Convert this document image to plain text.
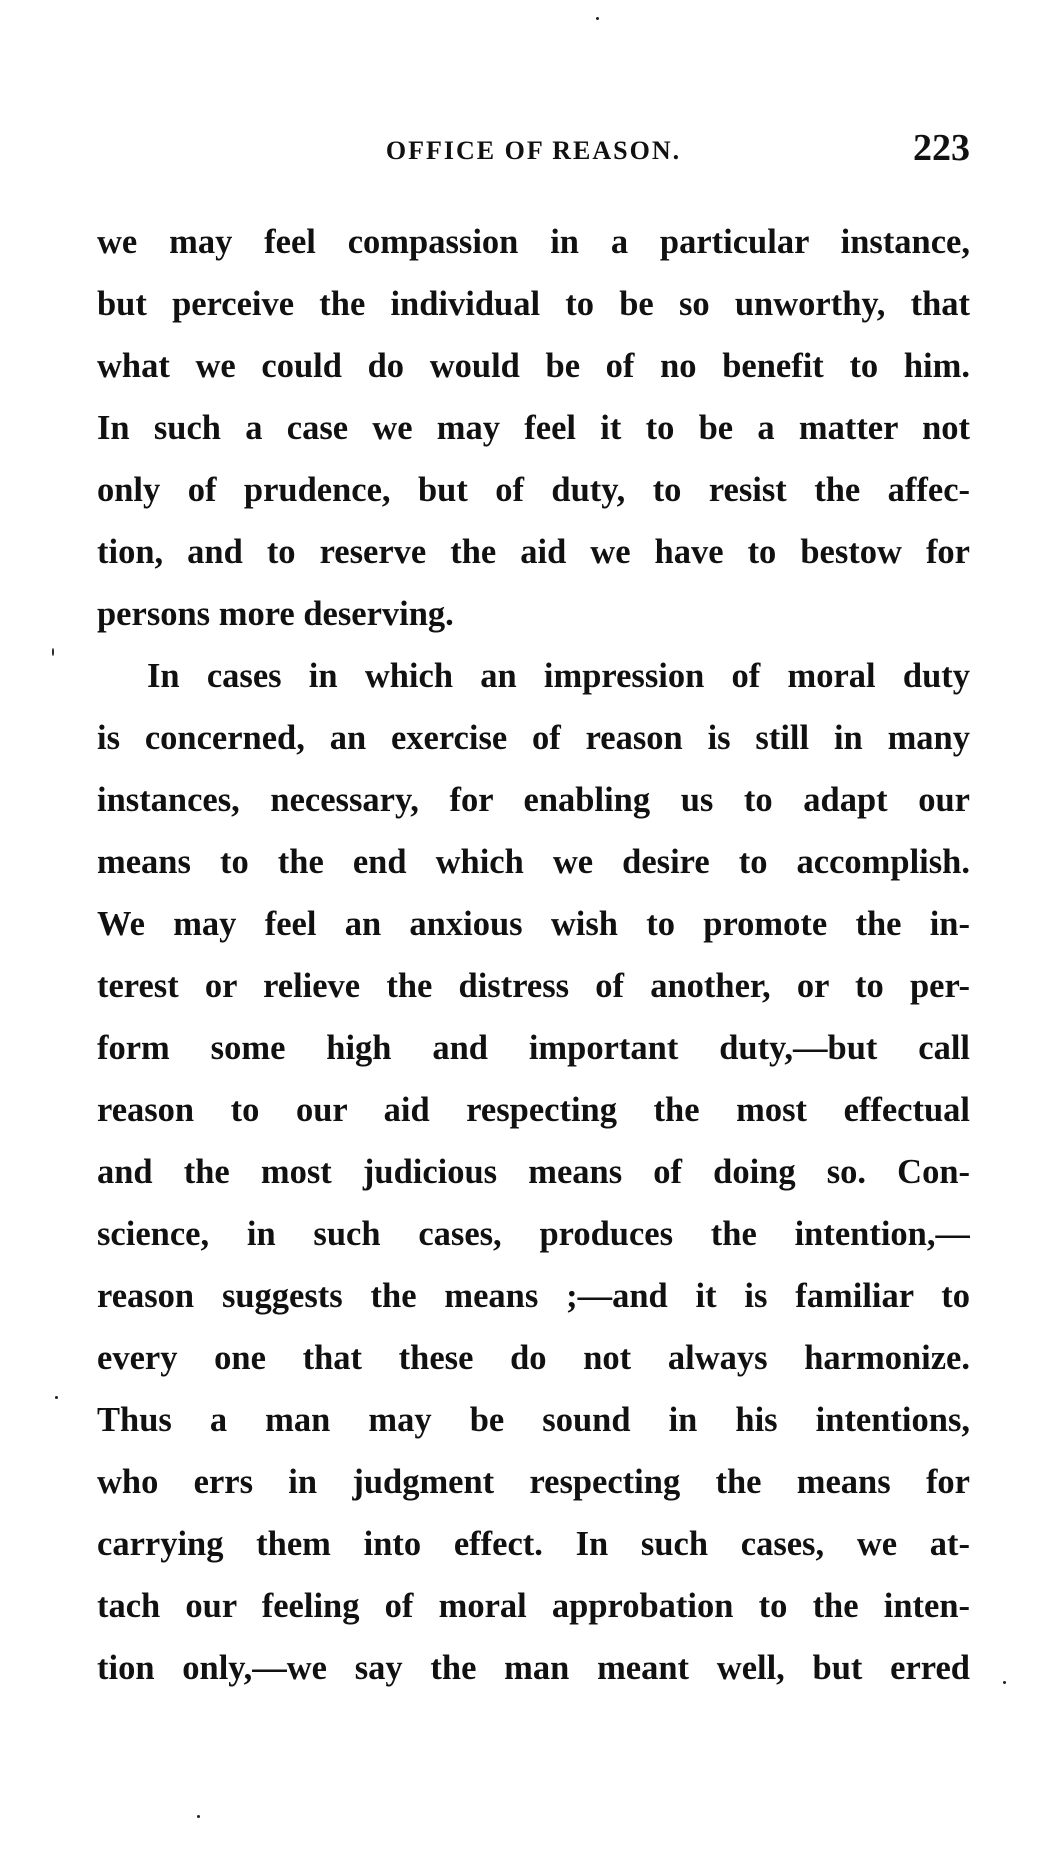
OFFICE OF REASON.	223
we may feel compassion in a particular instance,
but perceive the individual to be so unworthy, that
what we could do would be of no benefit to him.
In such a case we may feel it to be a matter not
only of prudence, but of duty, to resist the affec-
tion, and to reserve the aid we have to bestow for
persons more deserving.
In cases in which an impression of moral duty
is concerned, an exercise of reason is still in many
instances, necessary, for enabling us to adapt our
means to the end which we desire to accomplish.
We may feel an anxious wish to promote the in-
terest or relieve the distress of another, or to per-
form some high and important duty,—but call
reason to our aid respecting the most effectual
and the most judicious means of doing so. Con-
science, in such cases, produces the intention,—
reason suggests the means ;—and it is familiar to
every one that these do not always harmonize.
Thus a man may be sound in his intentions,
who errs in judgment respecting the means for
carrying them into effect. In such cases, we at-
tach our feeling of moral approbation to the inten-
tion only,—we say the man meant well, but erred
